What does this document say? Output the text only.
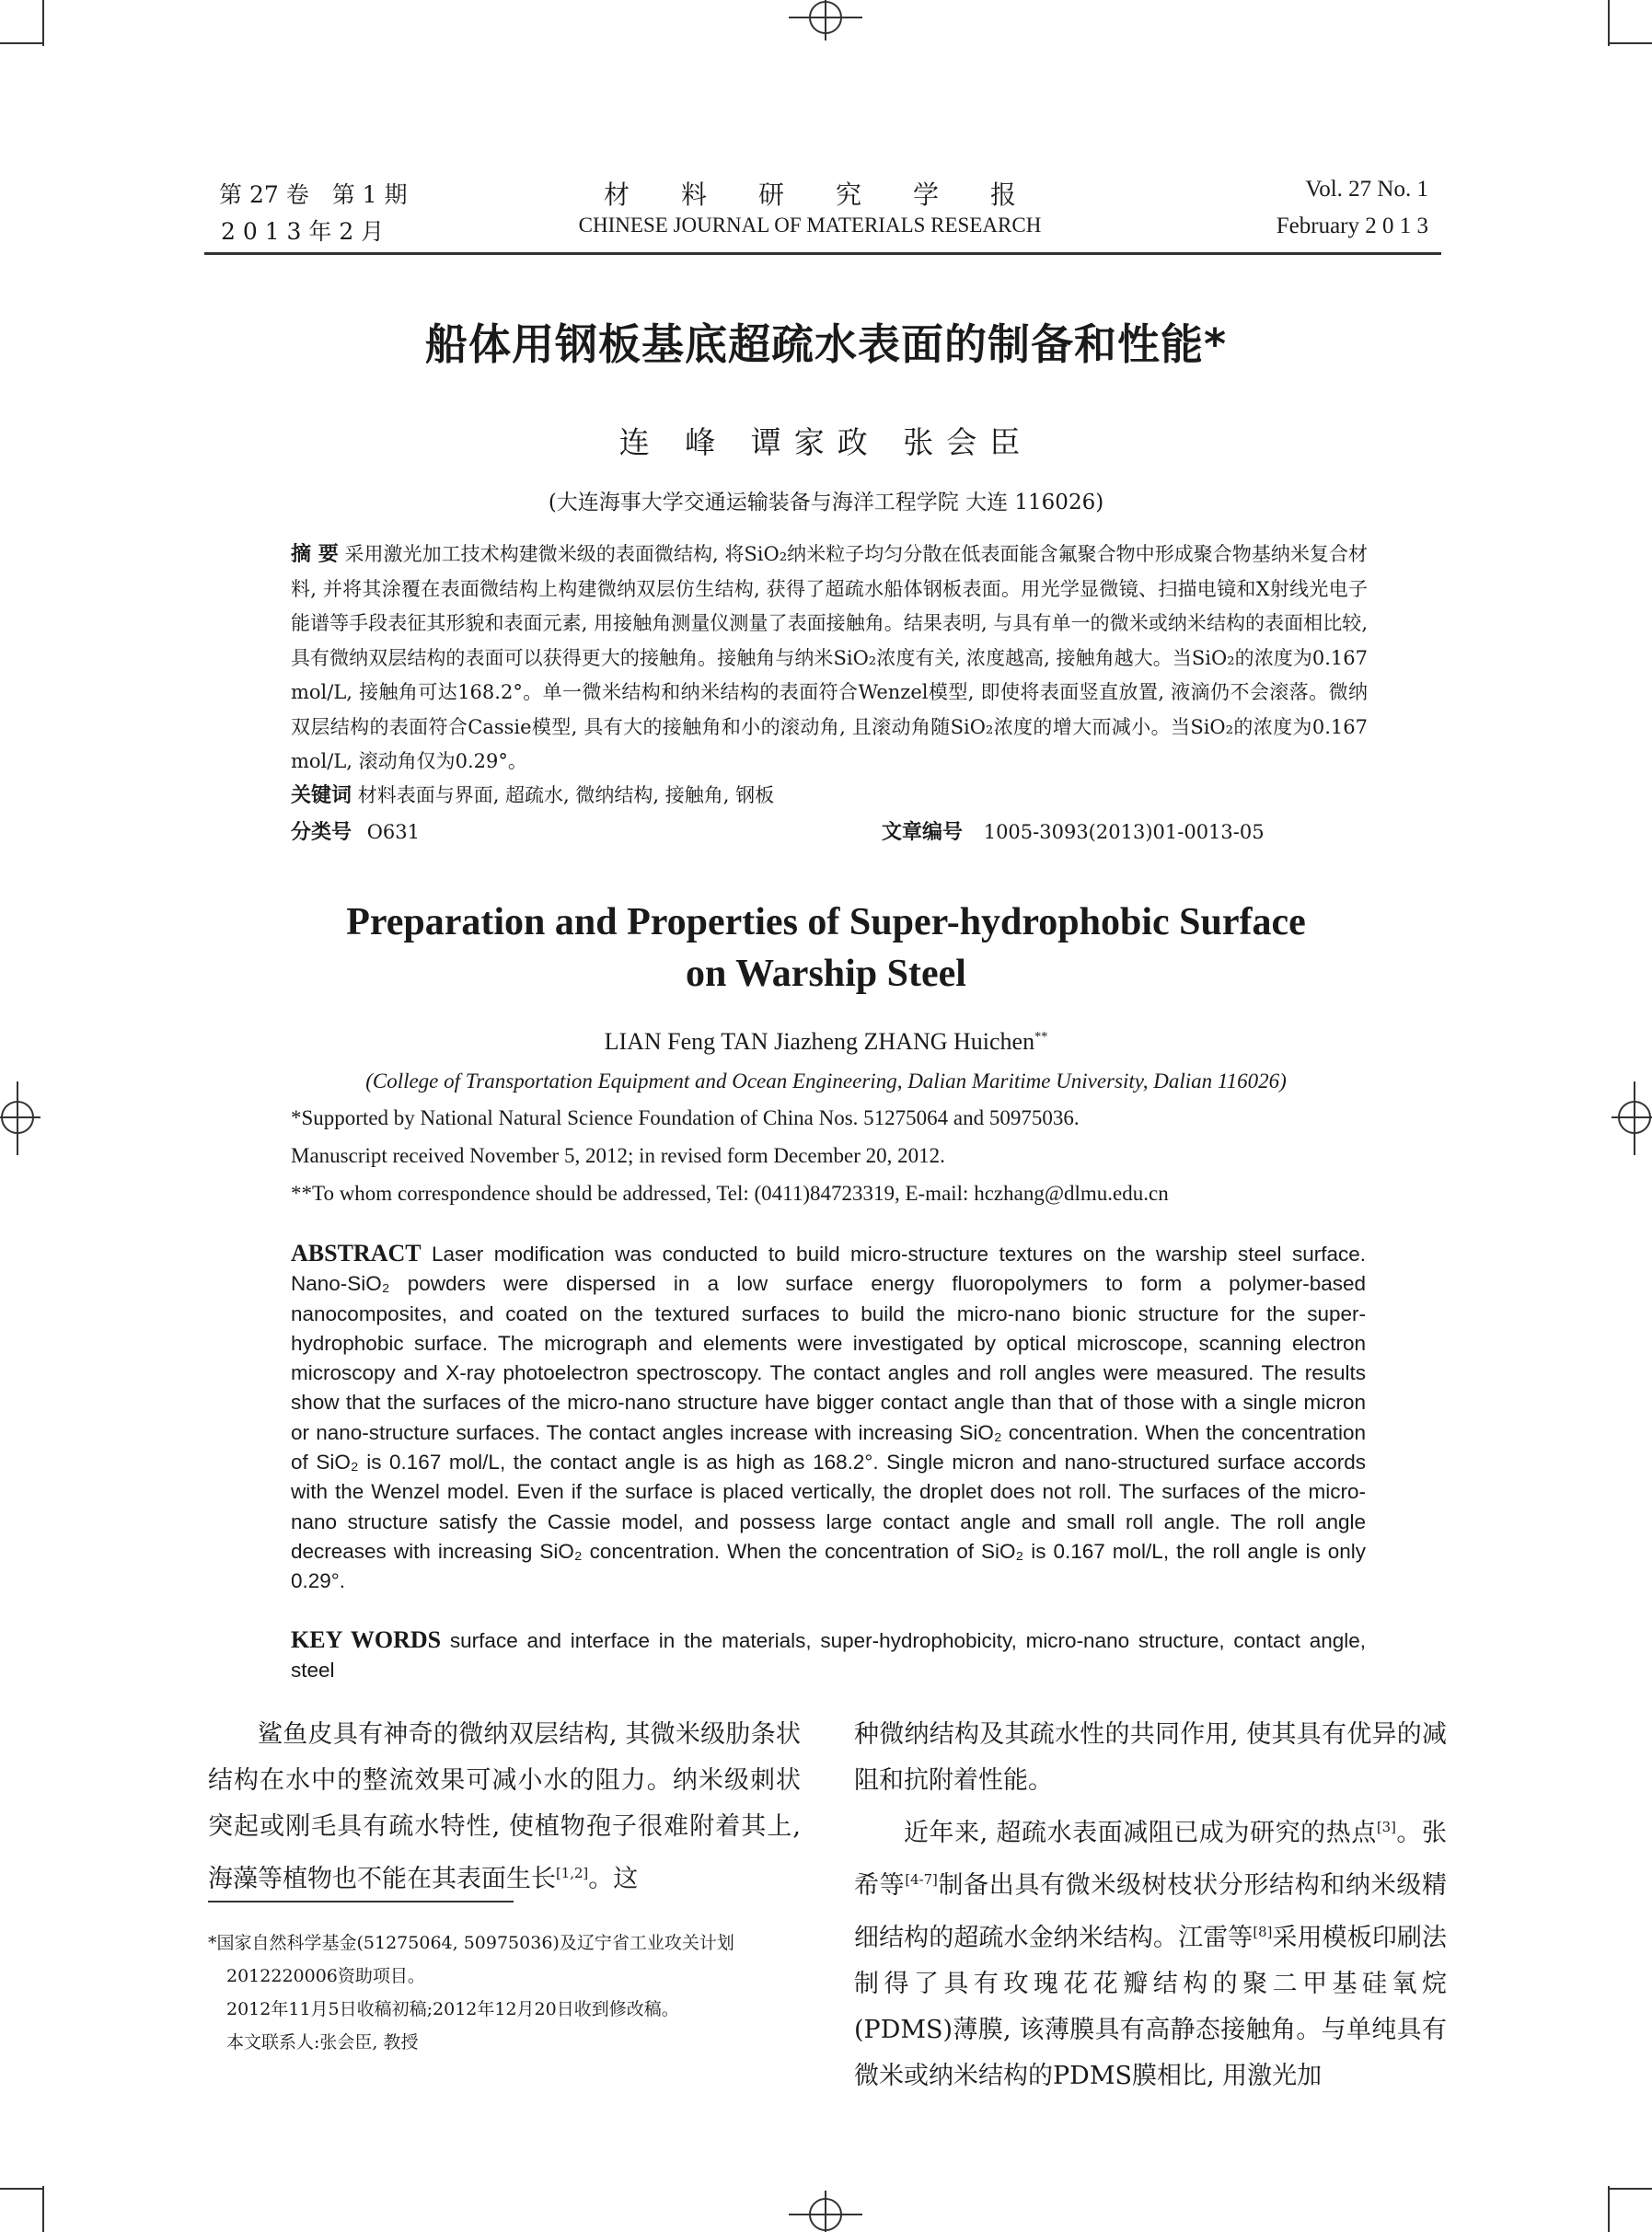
第 27 卷　第 1 期
2 0 1 3 年 2 月
材　　料　　研　　究　　学　　报
CHINESE JOURNAL OF MATERIALS RESEARCH
Vol. 27 No. 1
February 2 0 1 3
船体用钢板基底超疏水表面的制备和性能*
连 峰 谭家政 张会臣
(大连海事大学交通运输装备与海洋工程学院 大连 116026)
摘 要 采用激光加工技术构建微米级的表面微结构, 将SiO₂纳米粒子均匀分散在低表面能含氟聚合物中形成聚合物基纳米复合材料, 并将其涂覆在表面微结构上构建微纳双层仿生结构, 获得了超疏水船体钢板表面。用光学显微镜、扫描电镜和X射线光电子能谱等手段表征其形貌和表面元素, 用接触角测量仪测量了表面接触角。结果表明, 与具有单一的微米或纳米结构的表面相比较, 具有微纳双层结构的表面可以获得更大的接触角。接触角与纳米SiO₂浓度有关, 浓度越高, 接触角越大。当SiO₂的浓度为0.167 mol/L, 接触角可达168.2°。单一微米结构和纳米结构的表面符合Wenzel模型, 即使将表面竖直放置, 液滴仍不会滚落。微纳双层结构的表面符合Cassie模型, 具有大的接触角和小的滚动角, 且滚动角随SiO₂浓度的增大而减小。当SiO₂的浓度为0.167 mol/L, 滚动角仅为0.29°。
关键词 材料表面与界面, 超疏水, 微纳结构, 接触角, 钢板
分类号 O631	文章编号 1005-3093(2013)01-0013-05
Preparation and Properties of Super-hydrophobic Surface
on Warship Steel
LIAN Feng TAN Jiazheng ZHANG Huichen**
(College of Transportation Equipment and Ocean Engineering, Dalian Maritime University, Dalian 116026)
*Supported by National Natural Science Foundation of China Nos. 51275064 and 50975036.
Manuscript received November 5, 2012; in revised form December 20, 2012.
**To whom correspondence should be addressed, Tel: (0411)84723319, E-mail: hczhang@dlmu.edu.cn
ABSTRACT Laser modification was conducted to build micro-structure textures on the warship steel surface. Nano-SiO₂ powders were dispersed in a low surface energy fluoropolymers to form a polymer-based nanocomposites, and coated on the textured surfaces to build the micro-nano bionic structure for the super- hydrophobic surface. The micrograph and elements were investigated by optical microscope, scanning electron microscopy and X-ray photoelectron spectroscopy. The contact angles and roll angles were measured. The results show that the surfaces of the micro-nano structure have bigger contact angle than that of those with a single micron or nano-structure surfaces. The contact angles increase with increasing SiO₂ concentration. When the concentration of SiO₂ is 0.167 mol/L, the contact angle is as high as 168.2°. Single micron and nano-structured surface accords with the Wenzel model. Even if the surface is placed vertically, the droplet does not roll. The surfaces of the micro-nano structure satisfy the Cassie model, and possess large contact angle and small roll angle. The roll angle decreases with increasing SiO₂ concentration. When the concentration of SiO₂ is 0.167 mol/L, the roll angle is only 0.29°.
KEY WORDS surface and interface in the materials, super-hydrophobicity, micro-nano structure, contact angle, steel
鲨鱼皮具有神奇的微纳双层结构, 其微米级肋条状结构在水中的整流效果可减小水的阻力。纳米级刺状突起或刚毛具有疏水特性, 使植物孢子很难附着其上, 海藻等植物也不能在其表面生长[1,2]。这
*国家自然科学基金(51275064, 50975036)及辽宁省工业攻关计划
2012220006资助项目。
2012年11月5日收稿初稿;2012年12月20日收到修改稿。
本文联系人:张会臣, 教授
种微纳结构及其疏水性的共同作用, 使其具有优异的减阻和抗附着性能。
近年来, 超疏水表面减阻已成为研究的热点[3]。张希等[4-7]制备出具有微米级树枝状分形结构和纳米级精细结构的超疏水金纳米结构。江雷等[8]采用模板印刷法制得了具有玫瑰花花瓣结构的聚二甲基硅氧烷(PDMS)薄膜, 该薄膜具有高静态接触角。与单纯具有微米或纳米结构的PDMS膜相比, 用激光加
